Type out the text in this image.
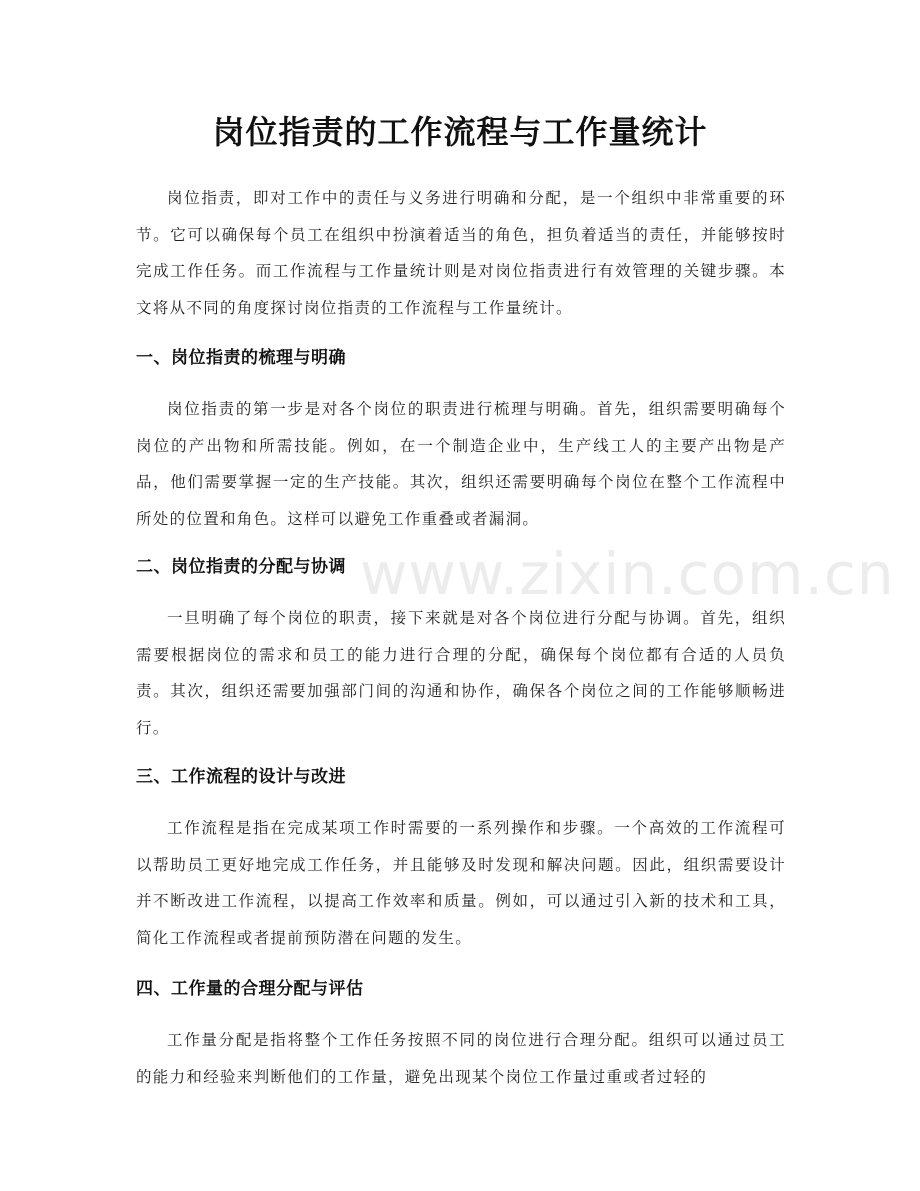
岗位指责的工作流程与工作量统计

岗位指责，即对工作中的责任与义务进行明确和分配，是一个组织中非常重要的环节。它可以确保每个员工在组织中扮演着适当的角色，担负着适当的责任，并能够按时完成工作任务。而工作流程与工作量统计则是对岗位指责进行有效管理的关键步骤。本文将从不同的角度探讨岗位指责的工作流程与工作量统计。

一、岗位指责的梳理与明确

岗位指责的第一步是对各个岗位的职责进行梳理与明确。首先，组织需要明确每个岗位的产出物和所需技能。例如，在一个制造企业中，生产线工人的主要产出物是产品，他们需要掌握一定的生产技能。其次，组织还需要明确每个岗位在整个工作流程中所处的位置和角色。这样可以避免工作重叠或者漏洞。

二、岗位指责的分配与协调

一旦明确了每个岗位的职责，接下来就是对各个岗位进行分配与协调。首先，组织需要根据岗位的需求和员工的能力进行合理的分配，确保每个岗位都有合适的人员负责。其次，组织还需要加强部门间的沟通和协作，确保各个岗位之间的工作能够顺畅进行。

三、工作流程的设计与改进

工作流程是指在完成某项工作时需要的一系列操作和步骤。一个高效的工作流程可以帮助员工更好地完成工作任务，并且能够及时发现和解决问题。因此，组织需要设计并不断改进工作流程，以提高工作效率和质量。例如，可以通过引入新的技术和工具，简化工作流程或者提前预防潜在问题的发生。

四、工作量的合理分配与评估

工作量分配是指将整个工作任务按照不同的岗位进行合理分配。组织可以通过员工的能力和经验来判断他们的工作量，避免出现某个岗位工作量过重或者过轻的

www.zixin.com.cn
